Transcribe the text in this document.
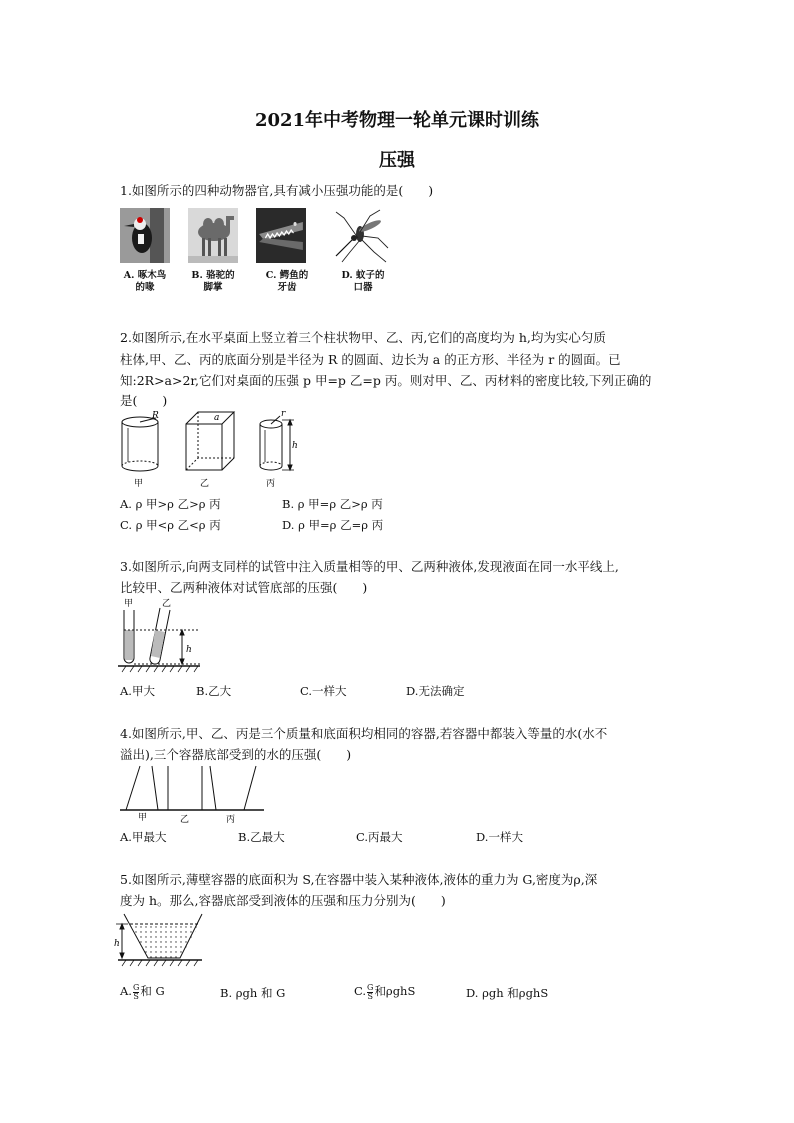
2021年中考物理一轮单元课时训练
压强
1.如图所示的四种动物器官,具有减小压强功能的是(　　)
A. 啄木鸟
的喙
B. 骆驼的
脚掌
C. 鳄鱼的
牙齿
D. 蚊子的
口器
2.如图所示,在水平桌面上竖立着三个柱状物甲、乙、丙,它们的高度均为 h,均为实心匀质
柱体,甲、乙、丙的底面分别是半径为 R 的圆面、边长为 a 的正方形、半径为 r 的圆面。已
知:2R>a>2r,它们对桌面的压强 p 甲=p 乙=p 丙。则对甲、乙、丙材料的密度比较,下列正确的
是(　　)
R	a	r
h
甲	乙	丙
A. ρ 甲>ρ 乙>ρ 丙	B. ρ 甲=ρ 乙>ρ 丙
C. ρ 甲<ρ 乙<ρ 丙	D. ρ 甲=ρ 乙=ρ 丙
3.如图所示,向两支同样的试管中注入质量相等的甲、乙两种液体,发现液面在同一水平线上,
比较甲、乙两种液体对试管底部的压强(　　)
甲	乙
h
A.甲大	B.乙大	C.一样大	D.无法确定
4.如图所示,甲、乙、丙是三个质量和底面积均相同的容器,若容器中都装入等量的水(水不
溢出),三个容器底部受到的水的压强(　　)
甲	乙	丙
A.甲最大	B.乙最大	C.丙最大	D.一样大
5.如图所示,薄壁容器的底面积为 S,在容器中装入某种液体,液体的重力为 G,密度为ρ,深
度为 h。那么,容器底部受到液体的压强和压力分别为(　　)
h
A. $\frac{G}{S}$ 和 G	B. ρgh 和 G	C. $\frac{G}{S}$ 和ρghS	D. ρgh 和ρghS
